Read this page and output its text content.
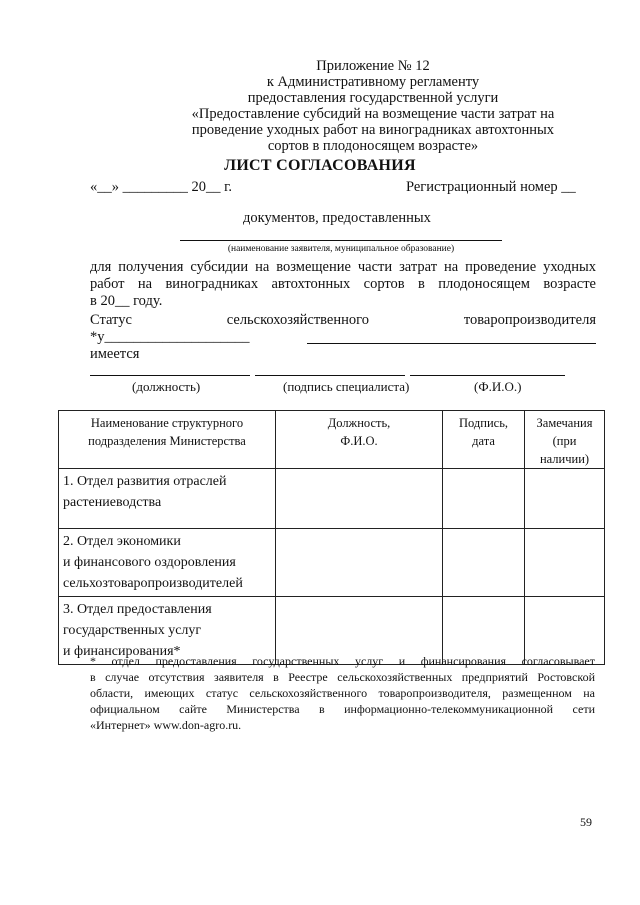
Приложение № 12
к Административному регламенту
предоставления государственной услуги
«Предоставление субсидий на возмещение части затрат на
проведение уходных работ на виноградниках автохтонных
сортов в плодоносящем возрасте»
ЛИСТ СОГЛАСОВАНИЯ
«__» _________ 20__ г.	Регистрационный номер __
документов, предоставленных
(наименование заявителя, муниципальное образование)
для получения субсидии на возмещение части затрат на проведение уходных
работ на виноградниках автохтонных сортов в плодоносящем возрасте
в 20__ году.
Статус	сельскохозяйственного	товаропроизводителя
*у____________________
имеется
(должность)	(подпись специалиста)	(Ф.И.О.)
Наименование структурного подразделения Министерства	Должность, Ф.И.О.	Подпись, дата	Замечания (при наличии)

1. Отдел развития отраслей
растениеводства			

2. Отдел экономики
и финансового оздоровления
сельхозтоваропроизводителей			

3. Отдел предоставления
государственных услуг
и финансирования*			

* отдел предоставления государственных услуг и финансирования согласовывает
в случае отсутствия заявителя в Реестре сельскохозяйственных предприятий Ростовской
области, имеющих статус сельскохозяйственного товаропроизводителя, размещенном на
официальном сайте Министерства в информационно-телекоммуникационной сети
«Интернет» www.don-agro.ru.
59
